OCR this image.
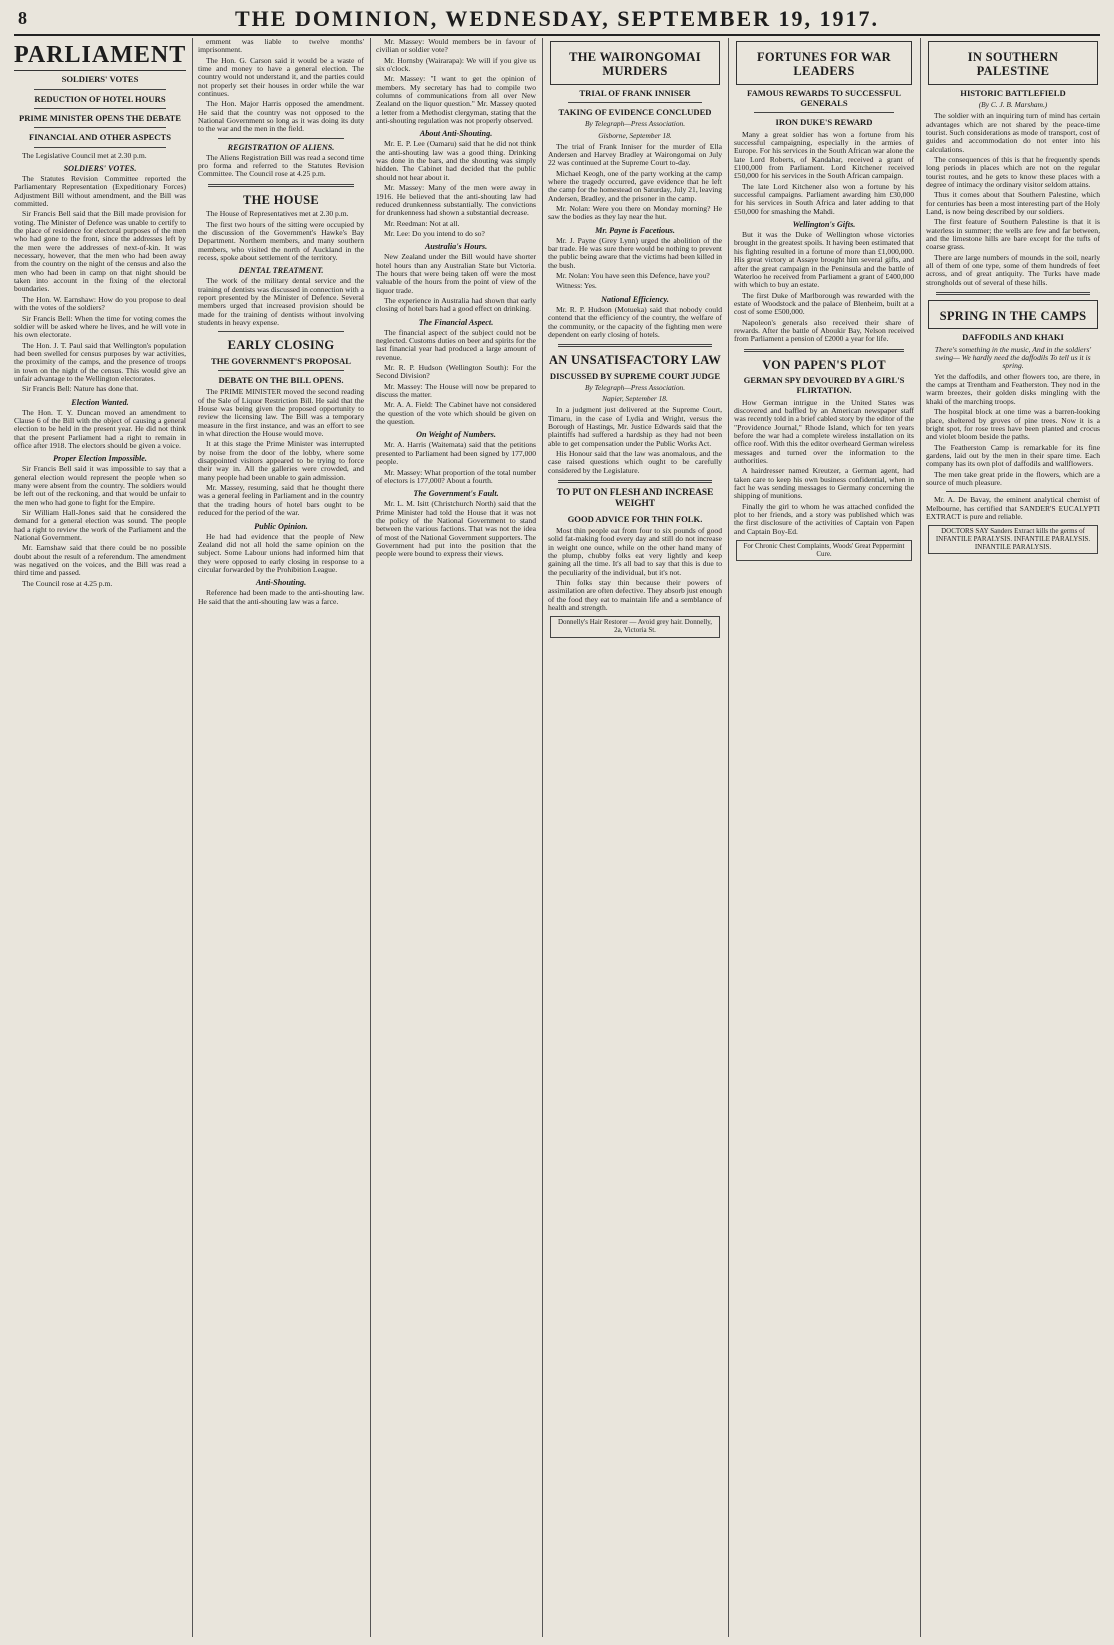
8	THE DOMINION, WEDNESDAY, SEPTEMBER 19, 1917.
PARLIAMENT
SOLDIERS' VOTES
REDUCTION OF HOTEL HOURS
PRIME MINISTER OPENS THE DEBATE
FINANCIAL AND OTHER ASPECTS

The Legislative Council met at 2.30 p.m.

SOLDIERS' VOTES.

The Statutes Revision Committee reported the Parliamentary Representation (Expeditionary Forces) Adjustment Bill without amendment, and the Bill was committed.

Sir Francis Bell said that the Bill made provision for voting. The Minister of Defence was unable to certify to the place of residence for electoral purposes of the men who had gone to the front, since the addresses left by the men were the addresses of next-of-kin. It was necessary, however, that the men who had been away from the country on the night of the census and also the men who had been in camp on that night should be taken into account in the fixing of the electoral boundaries.

The Hon. W. Earnshaw: How do you propose to deal with the votes of the soldiers?

Sir Francis Bell: When the time for voting comes the soldier will be asked where he lives, and he will vote in his own electorate.

The Hon. J. T. Paul said that Wellington's population had been swelled for census purposes by war activities, the proximity of the camps, and the presence of troops in town on the night of the census. This would give an unfair advantage to the Wellington electorates.

Sir Francis Bell: Nature has done that.

Election Wanted.

The Hon. T. Y. Duncan moved an amendment to Clause 6 of the Bill with the object of causing a general election to be held in the present year. He did not think that the present Parliament had a right to remain in office after 1918. The electors should be given a voice.

Proper Election Impossible.

Sir Francis Bell said it was impossible to say that a general election would represent the people when so many were absent from the country. The soldiers would be left out of the reckoning, and that would be unfair to the men who had gone to fight for the Empire.

Sir William Hall-Jones said that he considered the demand for a general election was sound. The people had a right to review the work of the Parliament and the National Government.

Mr. Earnshaw said that there could be no possible doubt about the result of a referendum. The amendment was negatived on the voices, and the Bill was read a third time and passed.

The Council rose at 4.25 p.m.

ernment was liable to twelve months' imprisonment.

The Hon. G. Carson said it would be a waste of time and money to have a general election. The country would not understand it, and the parties could not properly set their houses in order while the war continues.

The Hon. Major Harris opposed the amendment. He said that the country was not opposed to the National Government so long as it was doing its duty to the war and the men in the field.

REGISTRATION OF ALIENS.

The Aliens Registration Bill was read a second time pro forma and referred to the Statutes Revision Committee. The Council rose at 4.25 p.m.

THE HOUSE

The House of Representatives met at 2.30 p.m.

The first two hours of the sitting were occupied by the discussion of the Government's Hawke's Bay Department. Northern members, and many southern members, who visited the north of Auckland in the recess, spoke about settlement of the territory.

DENTAL TREATMENT.

The work of the military dental service and the training of dentists was discussed in connection with a report presented by the Minister of Defence. Several members urged that increased provision should be made for the training of dentists without involving students in heavy expense.

EARLY CLOSING
THE GOVERNMENT'S PROPOSAL
DEBATE ON THE BILL OPENS.

The PRIME MINISTER moved the second reading of the Sale of Liquor Restriction Bill. He said that the House was being given the proposed opportunity to review the licensing law. The Bill was a temporary measure in the first instance, and was an effort to see in what direction the House would move.

It at this stage the Prime Minister was interrupted by noise from the door of the lobby, where some disappointed visitors appeared to be trying to force their way in. All the galleries were crowded, and many people had been unable to gain admission.

Mr. Massey, resuming, said that he thought there was a general feeling in Parliament and in the country that the trading hours of hotel bars ought to be reduced for the period of the war.

Public Opinion.

He had had evidence that the people of New Zealand did not all hold the same opinion on the subject. Some Labour unions had informed him that they were opposed to early closing in response to a circular forwarded by the Prohibition League.

Anti-Shouting.

Reference had been made to the anti-shouting law. He said that the anti-shouting law was a farce.

Mr. Massey: Would members be in favour of civilian or soldier vote?

Mr. Hornsby (Wairarapa): We will if you give us six o'clock.

Mr. Massey: "I want to get the opinion of members. My secretary has had to compile two columns of communications from all over New Zealand on the liquor question." Mr. Massey quoted a letter from a Methodist clergyman, stating that the anti-shouting regulation was not properly observed.

About Anti-Shouting.

Mr. E. P. Lee (Oamaru) said that he did not think the anti-shouting law was a good thing. Drinking was done in the bars, and the shouting was simply hidden. The Cabinet had decided that the public should not hear about it.

Mr. Massey: Many of the men were away in 1916. He believed that the anti-shouting law had reduced drunkenness substantially. The convictions for drunkenness had shown a substantial decrease.

Mr. Reedman: Not at all.

Mr. Lee: Do you intend to do so?

Australia's Hours.

New Zealand under the Bill would have shorter hotel hours than any Australian State but Victoria. The hours that were being taken off were the most valuable of the hours from the point of view of the liquor trade.

The experience in Australia had shown that early closing of hotel bars had a good effect on drinking.

The Financial Aspect.

The financial aspect of the subject could not be neglected. Customs duties on beer and spirits for the last financial year had produced a large amount of revenue.

Mr. R. P. Hudson (Wellington South): For the Second Division?

Mr. Massey: The House will now be prepared to discuss the matter.

Mr. A. A. Field: The Cabinet have not considered the question of the vote which should be given on the question.

On Weight of Numbers.

Mr. A. Harris (Waitemata) said that the petitions presented to Parliament had been signed by 177,000 people.

Mr. Massey: What proportion of the total number of electors is 177,000? About a fourth.

The Government's Fault.

Mr. L. M. Isitt (Christchurch North) said that the Prime Minister had told the House that it was not the policy of the National Government to stand between the various factions. That was not the idea of most of the National Government supporters. The Government had put into the position that the people were bound to express their views.

THE WAIRONGOMAI MURDERS
TRIAL OF FRANK INNISER
TAKING OF EVIDENCE CONCLUDED
By Telegraph—Press Association.
Gisborne, September 18.

The trial of Frank Inniser for the murder of Ella Andersen and Harvey Bradley at Wairongomai on July 22 was continued at the Supreme Court to-day.

Michael Keogh, one of the party working at the camp where the tragedy occurred, gave evidence that he left the camp for the homestead on Saturday, July 21, leaving Andersen, Bradley, and the prisoner in the camp.

Mr. Nolan: Were you there on Monday morning? He saw the bodies as they lay near the hut.

Mr. Payne is Facetious.

Mr. J. Payne (Grey Lynn) urged the abolition of the bar trade. He was sure there would be nothing to prevent the public being aware that the victims had been killed in the bush.

Mr. Nolan: You have seen this Defence, have you?

Witness: Yes.

National Efficiency.

Mr. R. P. Hudson (Motueka) said that nobody could contend that the efficiency of the country, the welfare of the community, or the capacity of the fighting men were dependent on early closing of hotels.

AN UNSATISFACTORY LAW
DISCUSSED BY SUPREME COURT JUDGE
By Telegraph—Press Association.
Napier, September 18.

In a judgment just delivered at the Supreme Court, Timaru, in the case of Lydia and Wright, versus the Borough of Hastings, Mr. Justice Edwards said that the plaintiffs had suffered a hardship as they had not been able to get compensation under the Public Works Act.

His Honour said that the law was anomalous, and the case raised questions which ought to be carefully considered by the Legislature.

TO PUT ON FLESH AND INCREASE WEIGHT
GOOD ADVICE FOR THIN FOLK.

Most thin people eat from four to six pounds of good solid fat-making food every day and still do not increase in weight one ounce, while on the other hand many of the plump, chubby folks eat very lightly and keep gaining all the time. It's all bad to say that this is due to the peculiarity of the individual, but it's not.

Thin folks stay thin because their powers of assimilation are often defective. They absorb just enough of the food they eat to maintain life and a semblance of health and strength.

Donnelly's Hair Restorer — Avoid grey hair. Donnelly, 2a, Victoria St.
FORTUNES FOR WAR LEADERS
FAMOUS REWARDS TO SUCCESSFUL GENERALS
IRON DUKE'S REWARD

Many a great soldier has won a fortune from his successful campaigning, especially in the armies of Europe. For his services in the South African war alone the late Lord Roberts, of Kandahar, received a grant of £100,000 from Parliament. Lord Kitchener received £50,000 for his services in the South African campaign.

The late Lord Kitchener also won a fortune by his successful campaigns. Parliament awarding him £30,000 for his services in South Africa and later adding to that £50,000 for smashing the Mahdi.

Wellington's Gifts.

But it was the Duke of Wellington whose victories brought in the greatest spoils. It having been estimated that his fighting resulted in a fortune of more than £1,000,000. His great victory at Assaye brought him several gifts, and after the great campaign in the Peninsula and the battle of Waterloo he received from Parliament a grant of £400,000 with which to buy an estate.

The first Duke of Marlborough was rewarded with the estate of Woodstock and the palace of Blenheim, built at a cost of some £500,000.

Napoleon's generals also received their share of rewards. After the battle of Aboukir Bay, Nelson received from Parliament a pension of £2000 a year for life.

VON PAPEN'S PLOT
GERMAN SPY DEVOURED BY A GIRL'S FLIRTATION.

How German intrigue in the United States was discovered and baffled by an American newspaper staff was recently told in a brief cabled story by the editor of the "Providence Journal," Rhode Island, which for ten years before the war had a complete wireless installation on its office roof. With this the editor overheard German wireless messages and turned over the information to the authorities.

A hairdresser named Kreutzer, a German agent, had taken care to keep his own business confidential, when in fact he was sending messages to Germany concerning the shipping of munitions.

Finally the girl to whom he was attached confided the plot to her friends, and a story was published which was the first disclosure of the activities of Captain von Papen and Captain Boy-Ed.

For Chronic Chest Complaints, Woods' Great Peppermint Cure.
IN SOUTHERN PALESTINE
HISTORIC BATTLEFIELD
(By C. J. B. Marsham.)

The soldier with an inquiring turn of mind has certain advantages which are not shared by the peace-time tourist. Such considerations as mode of transport, cost of guides and accommodation do not enter into his calculations.

The consequences of this is that he frequently spends long periods in places which are not on the regular tourist routes, and he gets to know these places with a degree of intimacy the ordinary visitor seldom attains.

Thus it comes about that Southern Palestine, which for centuries has been a most interesting part of the Holy Land, is now being described by our soldiers.

The first feature of Southern Palestine is that it is waterless in summer; the wells are few and far between, and the limestone hills are bare except for the tufts of coarse grass.

There are large numbers of mounds in the soil, nearly all of them of one type, some of them hundreds of feet across, and of great antiquity. The Turks have made strongholds out of several of these hills.

SPRING IN THE CAMPS
DAFFODILS AND KHAKI

There's something in the music, And in the soldiers' swing— We hardly need the daffodils To tell us it is spring.

Yet the daffodils, and other flowers too, are there, in the camps at Trentham and Featherston. They nod in the warm breezes, their golden disks mingling with the khaki of the marching troops.

The hospital block at one time was a barren-looking place, sheltered by groves of pine trees. Now it is a bright spot, for rose trees have been planted and crocus and violet bloom beside the paths.

The Featherston Camp is remarkable for its fine gardens, laid out by the men in their spare time. Each company has its own plot of daffodils and wallflowers.

The men take great pride in the flowers, which are a source of much pleasure.

Mr. A. De Bavay, the eminent analytical chemist of Melbourne, has certified that SANDER'S EUCALYPTI EXTRACT is pure and reliable.

DOCTORS SAY Sanders Extract kills the germs of INFANTILE PARALYSIS. INFANTILE PARALYSIS. INFANTILE PARALYSIS.
